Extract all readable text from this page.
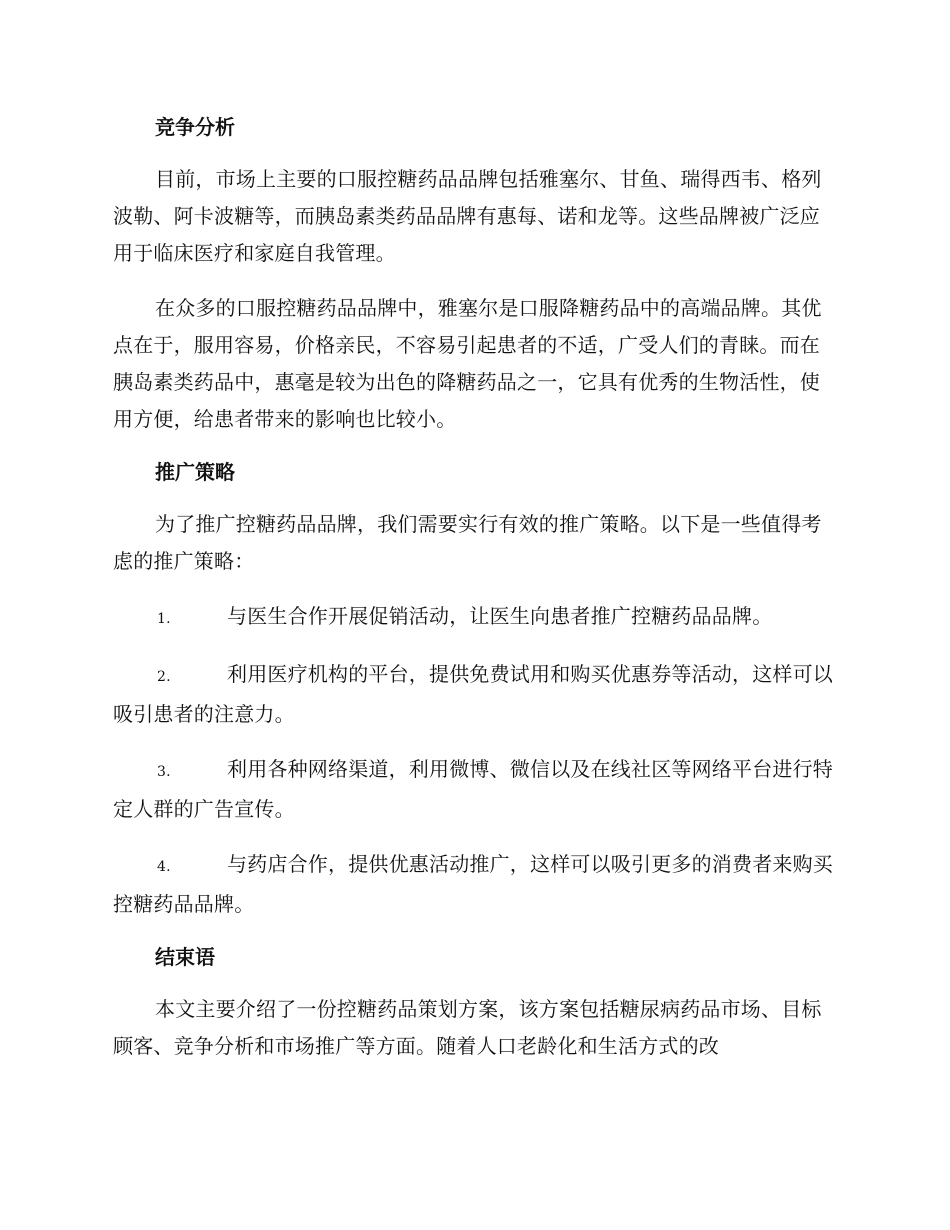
竞争分析

目前，市场上主要的口服控糖药品品牌包括雅塞尔、甘鱼、瑞得西韦、格列波勒、阿卡波糖等，而胰岛素类药品品牌有惠每、诺和龙等。这些品牌被广泛应用于临床医疗和家庭自我管理。

在众多的口服控糖药品品牌中，雅塞尔是口服降糖药品中的高端品牌。其优点在于，服用容易，价格亲民，不容易引起患者的不适，广受人们的青睐。而在胰岛素类药品中，惠毫是较为出色的降糖药品之一，它具有优秀的生物活性，使用方便，给患者带来的影响也比较小。

推广策略

为了推广控糖药品品牌，我们需要实行有效的推广策略。以下是一些值得考虑的推广策略：

1.	与医生合作开展促销活动，让医生向患者推广控糖药品品牌。

2.	利用医疗机构的平台，提供免费试用和购买优惠券等活动，这样可以吸引患者的注意力。

3.	利用各种网络渠道，利用微博、微信以及在线社区等网络平台进行特定人群的广告宣传。

4.	与药店合作，提供优惠活动推广，这样可以吸引更多的消费者来购买控糖药品品牌。

结束语

本文主要介绍了一份控糖药品策划方案，该方案包括糖尿病药品市场、目标顾客、竞争分析和市场推广等方面。随着人口老龄化和生活方式的改
